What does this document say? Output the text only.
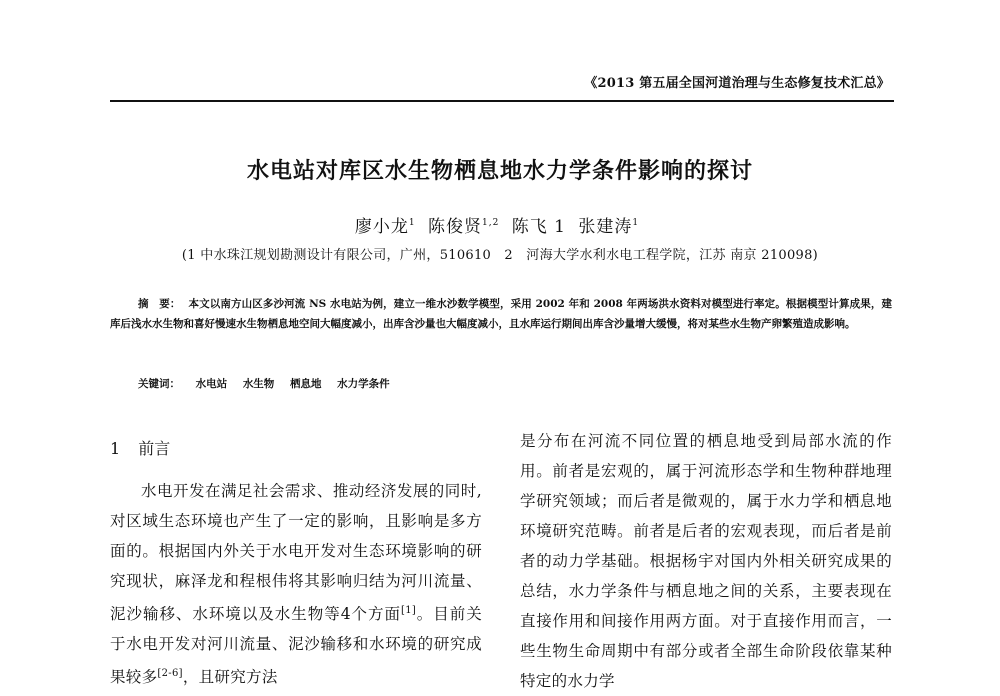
《2013 第五届全国河道治理与生态修复技术汇总》
水电站对库区水生物栖息地水力学条件影响的探讨
廖小龙$^1$ 陈俊贤$^{1,2}$ 陈飞 1 张建涛$^1$
(1 中水珠江规划勘测设计有限公司，广州，510610　2　河海大学水利水电工程学院，江苏 南京 210098)
摘　要： 本文以南方山区多沙河流 NS 水电站为例，建立一维水沙数学模型，采用 2002 年和 2008 年两场洪水资料对模型进行率定。根据模型计算成果，建库后浅水水生物和喜好慢速水生物栖息地空间大幅度减小，出库含沙量也大幅度减小，且水库运行期间出库含沙量增大缓慢，将对某些水生物产卵繁殖造成影响。
关键词： 水电站 水生物 栖息地 水力学条件
1 前言

水电开发在满足社会需求、推动经济发展的同时,对区域生态环境也产生了一定的影响，且影响是多方面的。根据国内外关于水电开发对生态环境影响的研究现状，麻泽龙和程根伟将其影响归结为河川流量、泥沙输移、水环境以及水生物等4个方面[1]。目前关于水电开发对河川流量、泥沙输移和水环境的研究成果较多[2-6]，且研究方法

是分布在河流不同位置的栖息地受到局部水流的作用。前者是宏观的，属于河流形态学和生物种群地理学研究领域；而后者是微观的，属于水力学和栖息地环境研究范畴。前者是后者的宏观表现，而后者是前者的动力学基础。根据杨宇对国内外相关研究成果的总结，水力学条件与栖息地之间的关系，主要表现在直接作用和间接作用两方面。对于直接作用而言，一些生物生命周期中有部分或者全部生命阶段依靠某种特定的水力学
